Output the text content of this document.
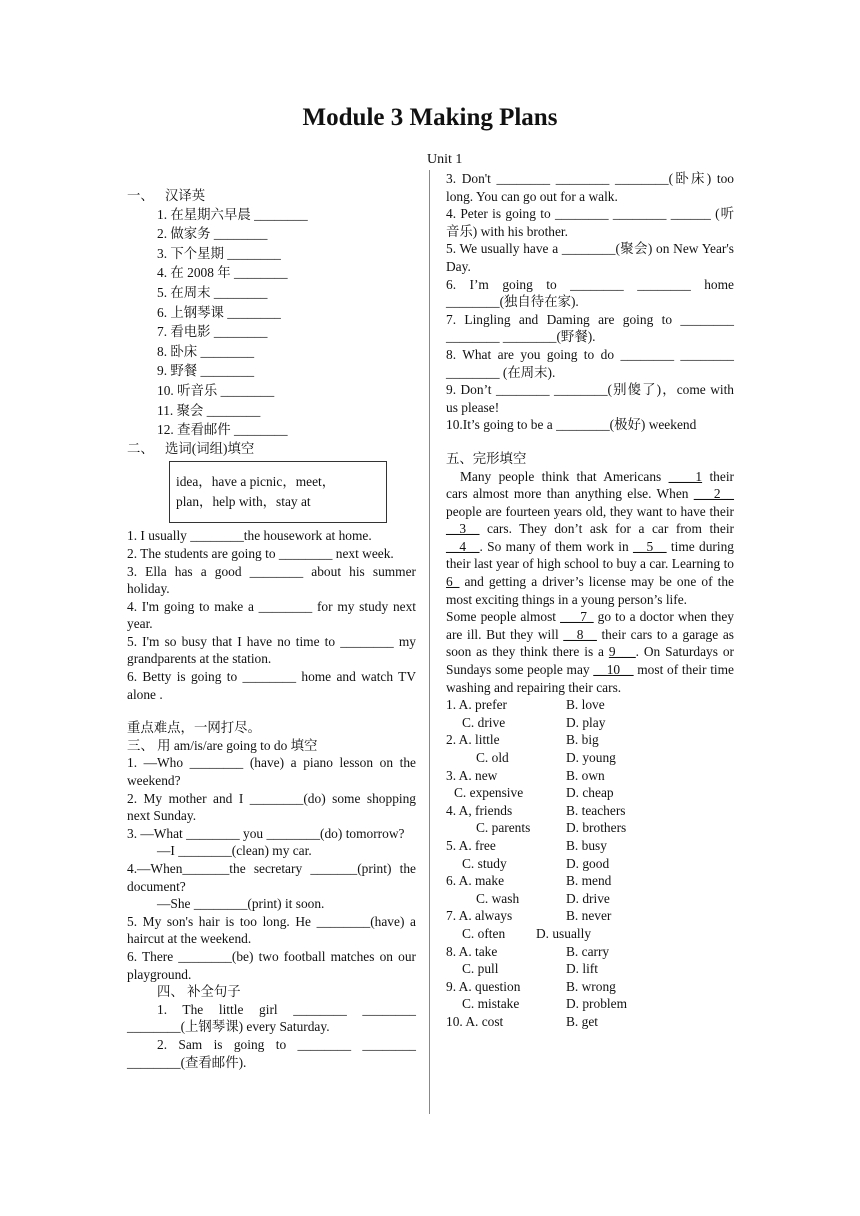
Module 3 Making Plans
Unit 1
一、 汉译英
1. 在星期六早晨 ________
2. 做家务 ________
3. 下个星期 ________
4. 在 2008 年 ________
5. 在周末 ________
6. 上钢琴课 ________
7. 看电影 ________
8. 卧床 ________
9. 野餐 ________
10. 听音乐 ________
11. 聚会 ________
12. 查看邮件 ________
二、 选词(词组)填空
idea，have a picnic，meet，
plan，help with，stay at
1. I usually ________the housework at home.
2. The students are going to ________ next week.
3. Ella has a good ________ about his summer holiday.
4. I'm going to make a ________ for my study next year.
5. I'm so busy that I have no time to ________ my grandparents at the station.
6. Betty is going to ________ home and watch TV alone .
重点难点，一网打尽。
三、 用 am/is/are going to do 填空
1. —Who ________ (have) a piano lesson on the weekend?
2. My mother and I ________(do) some shopping next Sunday.
3. —What ________ you ________(do) tomorrow?
—I ________(clean) my car.
4.—When_______the secretary _______(print) the document?
—She ________(print) it soon.
5. My son's hair is too long. He ________(have) a haircut at the weekend.
6. There ________(be) two football matches on our playground.
四、 补全句子
1. The little girl ________ ________ ________(上钢琴课) every Saturday.
2. Sam is going to ________ ________ ________(查看邮件).
3. Don't ________ ________ ________(卧床) too long. You can go out for a walk.
4. Peter is going to ________ ________ ______ (听音乐) with his brother.
5. We usually have a ________(聚会) on New Year's Day.
6. I’m going to ________ ________ home ________(独自待在家).
7. Lingling and Daming are going to ________ ________ ________(野餐).
8. What are you going to do ________ ________ ________ (在周末).
9. Don’t ________ ________(别傻了)，come with us please!
10.It’s going to be a ________(极好) weekend
五、完形填空
Many people think that Americans ____1 their cars almost more than anything else. When ___2__ people are fourteen years old, they want to have their __3__ cars. They don’t ask for a car from their __4__. So many of them work in __5__ time during their last year of high school to buy a car. Learning to 6_ and getting a driver’s license may be one of the most exciting things in a young person’s life.
Some people almost ___7_ go to a doctor when they are ill. But they will __8__ their cars to a garage as soon as they think there is a 9___. On Saturdays or Sundays some people may __10__ most of their time washing and repairing their cars.
1. A. prefer	B. love
C. drive	D. play
2. A. little	B. big
C. old	D. young
3. A. new	B. own
C. expensive	D. cheap
4. A, friends	B. teachers
C. parents	D. brothers
5. A. free	B. busy
C. study	D. good
6. A. make	B. mend
C. wash	D. drive
7. A. always	B. never
C. often	D. usually
8. A. take	B. carry
C. pull	D. lift
9. A. question	B. wrong
C. mistake	D. problem
10. A. cost	B. get
